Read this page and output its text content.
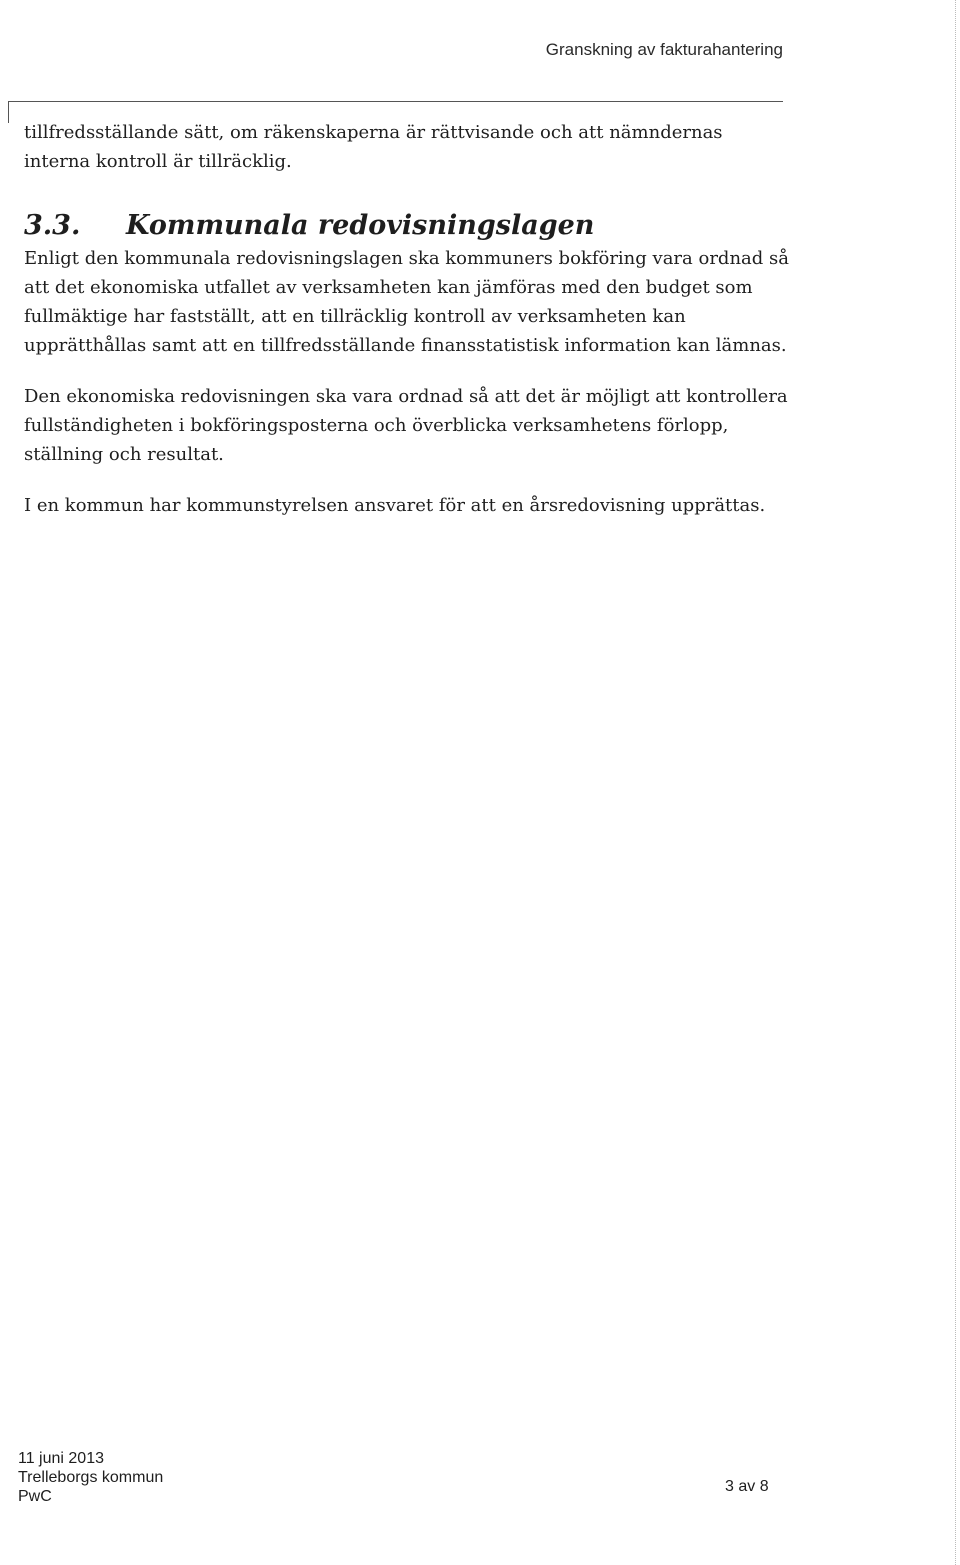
Granskning av fakturahantering

tillfredsställande sätt, om räkenskaperna är rättvisande och att nämndernas interna kontroll är tillräcklig.

3.3.	Kommunala redovisningslagen

Enligt den kommunala redovisningslagen ska kommuners bokföring vara ordnad så att det ekonomiska utfallet av verksamheten kan jämföras med den budget som fullmäktige har fastställt, att en tillräcklig kontroll av verksamheten kan upprätthållas samt att en tillfredsställande finansstatistisk information kan lämnas.

Den ekonomiska redovisningen ska vara ordnad så att det är möjligt att kontrollera fullständigheten i bokföringsposterna och överblicka verksamhetens förlopp, ställning och resultat.

I en kommun har kommunstyrelsen ansvaret för att en årsredovisning upprättas.

11 juni 2013
Trelleborgs kommun
PwC
3 av 8
